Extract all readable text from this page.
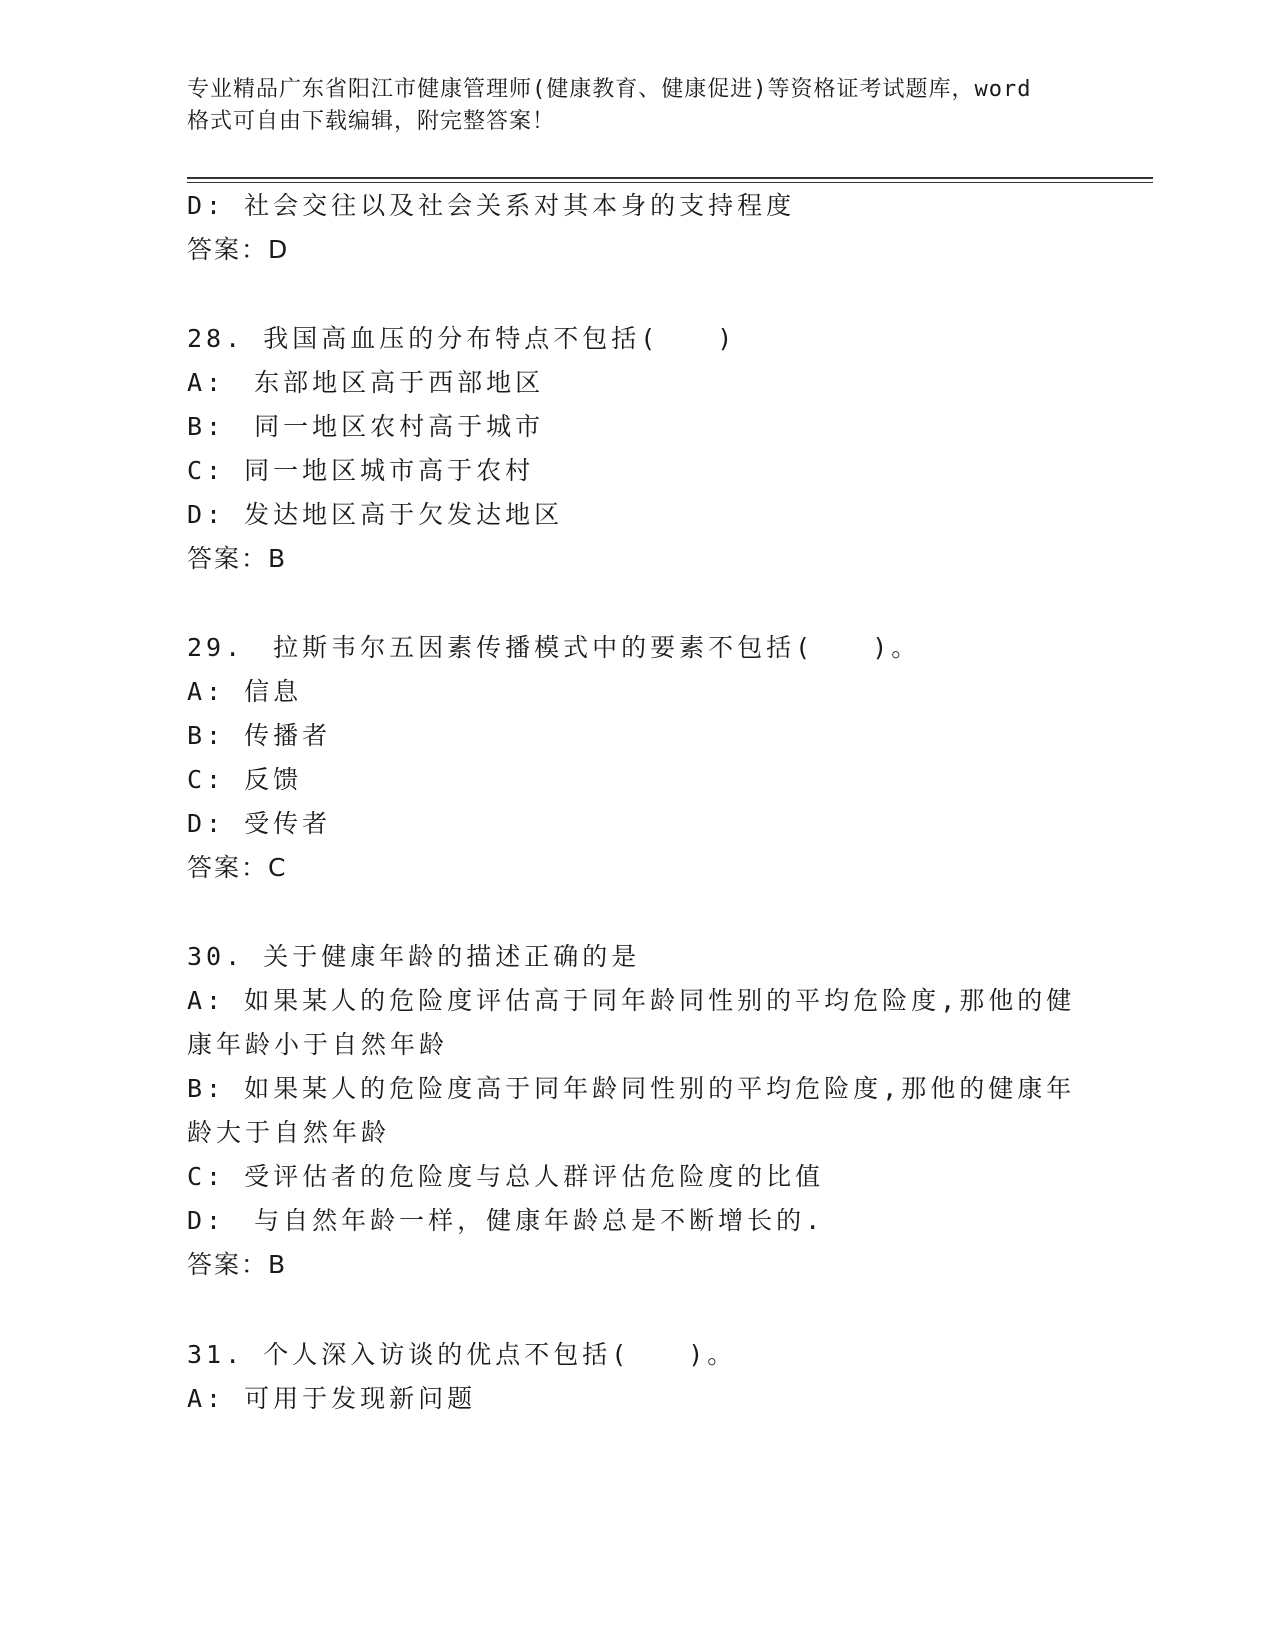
专业精品广东省阳江市健康管理师(健康教育、健康促进)等资格证考试题库，word
格式可自由下载编辑，附完整答案！
D: 社会交往以及社会关系对其本身的支持程度
答案：D
28. 我国高血压的分布特点不包括(　　)
A:　东部地区高于西部地区
B:　同一地区农村高于城市
C: 同一地区城市高于农村
D: 发达地区高于欠发达地区
答案：B
29.　拉斯韦尔五因素传播模式中的要素不包括(　　)。
A: 信息
B: 传播者
C: 反馈
D: 受传者
答案：C
30. 关于健康年龄的描述正确的是
A: 如果某人的危险度评估高于同年龄同性别的平均危险度,那他的健
康年龄小于自然年龄
B: 如果某人的危险度高于同年龄同性别的平均危险度,那他的健康年
龄大于自然年龄
C: 受评估者的危险度与总人群评估危险度的比值
D:　与自然年龄一样，健康年龄总是不断增长的.
答案：B
31. 个人深入访谈的优点不包括(　　)。
A: 可用于发现新问题
